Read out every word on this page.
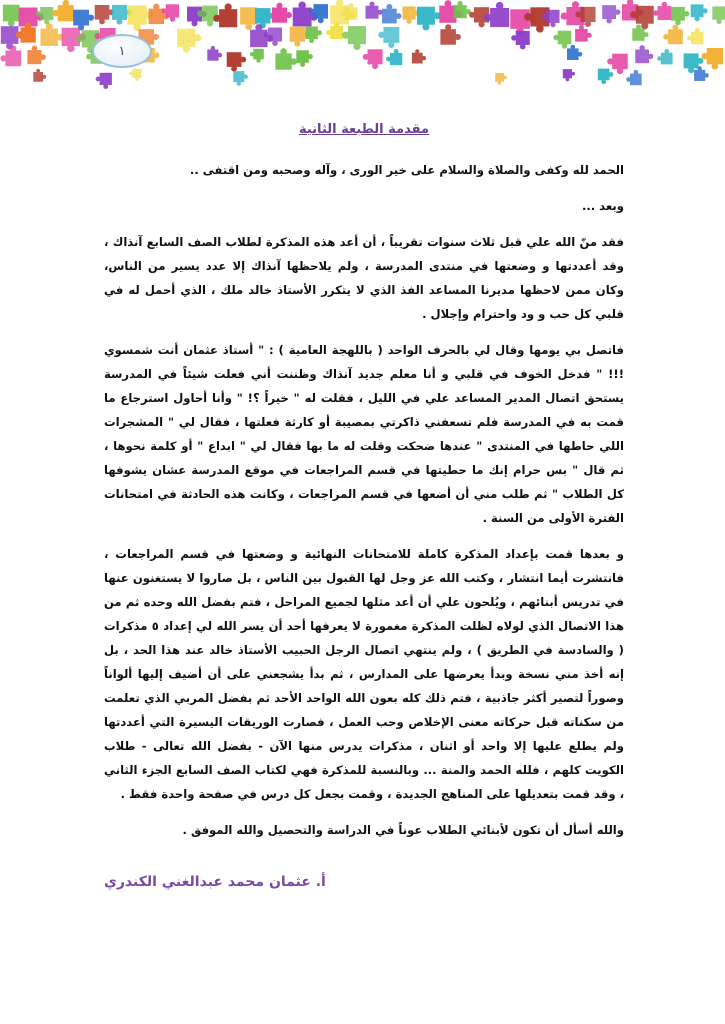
١
مقدمة الطبعة الثانية

الحمد لله وكفى والصلاة والسلام على خير الورى ، وآله وصحبه ومن اقتفى ..

وبعد ...

فقد منّ الله علي قبل ثلاث سنوات تقريباً ، أن أعد هذه المذكرة لطلاب الصف السابع آنذاك ، وقد أعددتها و وضعتها في منتدى المدرسة ، ولم يلاحظها آنذاك إلا عدد يسير من الناس، وكان ممن لاحظها مديرنا المساعد الفذ الذي لا يتكرر الأستاذ خالد ملك ، الذي أحمل له في قلبي كل حب و ود واحترام وإجلال .

فاتصل بي يومها وقال لي بالحرف الواحد ( باللهجة العامية ) : " أستاذ عثمان أنت شمسوي !!! " فدخل الخوف في قلبي و أنا معلم جديد آنذاك وظننت أني فعلت شيئاً في المدرسة يستحق اتصال المدير المساعد علي في الليل ، فقلت له " خيراً ؟! " وأنا أحاول استرجاع ما قمت به في المدرسة فلم تسعفني ذاكرتي بمصيبة أو كارثة فعلتها ، فقال لي " المشجرات اللي حاطها في المنتدى " عندها ضحكت وقلت له ما بها فقال لي " ابداع " أو كلمة نحوها ، ثم قال " بس حرام إنك ما حطيتها في قسم المراجعات في موقع المدرسة عشان يشوفها كل الطلاب " ثم طلب مني أن أضعها في قسم المراجعات ، وكانت هذه الحادثة في امتحانات الفترة الأولى من السنة .

و بعدها قمت بإعداد المذكرة كاملة للامتحانات النهائية و وضعتها في قسم المراجعات ، فانتشرت أيما انتشار ، وكتب الله عز وجل لها القبول بين الناس ، بل صاروا لا يستغنون عنها في تدريس أبنائهم ، ويُلحون علي أن أعد مثلها لجميع المراحل ، فتم بفضل الله وحده ثم من هذا الاتصال الذي لولاه لظلت المذكرة مغمورة لا يعرفها أحد أن يسر الله لي إعداد ٥ مذكرات ( والسادسة في الطريق ) ، ولم ينتهي اتصال الرجل الحبيب الأستاذ خالد عند هذا الحد ، بل إنه أخذ مني نسخة وبدأ يعرضها على المدارس ، ثم بدأ يشجعني على أن أضيف إليها ألواناً وصوراً لتصير أكثر جاذبية ، فتم ذلك كله بعون الله الواحد الأحد ثم بفضل المربي الذي تعلمت من سكناته قبل حركاته معنى الإخلاص وحب العمل ، فصارت الوريقات اليسيرة التي أعددتها ولم يطلع عليها إلا واحد أو اثنان ، مذكرات يدرس منها الآن - بفضل الله تعالى - طلاب الكويت كلهم ، فلله الحمد والمنة ... وبالنسبة للمذكرة فهي لكتاب الصف السابع الجزء الثاني ، وقد قمت بتعديلها على المناهج الجديدة ، وقمت بجعل كل درس في صفحة واحدة فقط .

والله أسأل أن تكون لأبنائي الطلاب عوناً في الدراسة والتحصيل والله الموفق .

أ. عثمان محمد عبدالغني الكندري
